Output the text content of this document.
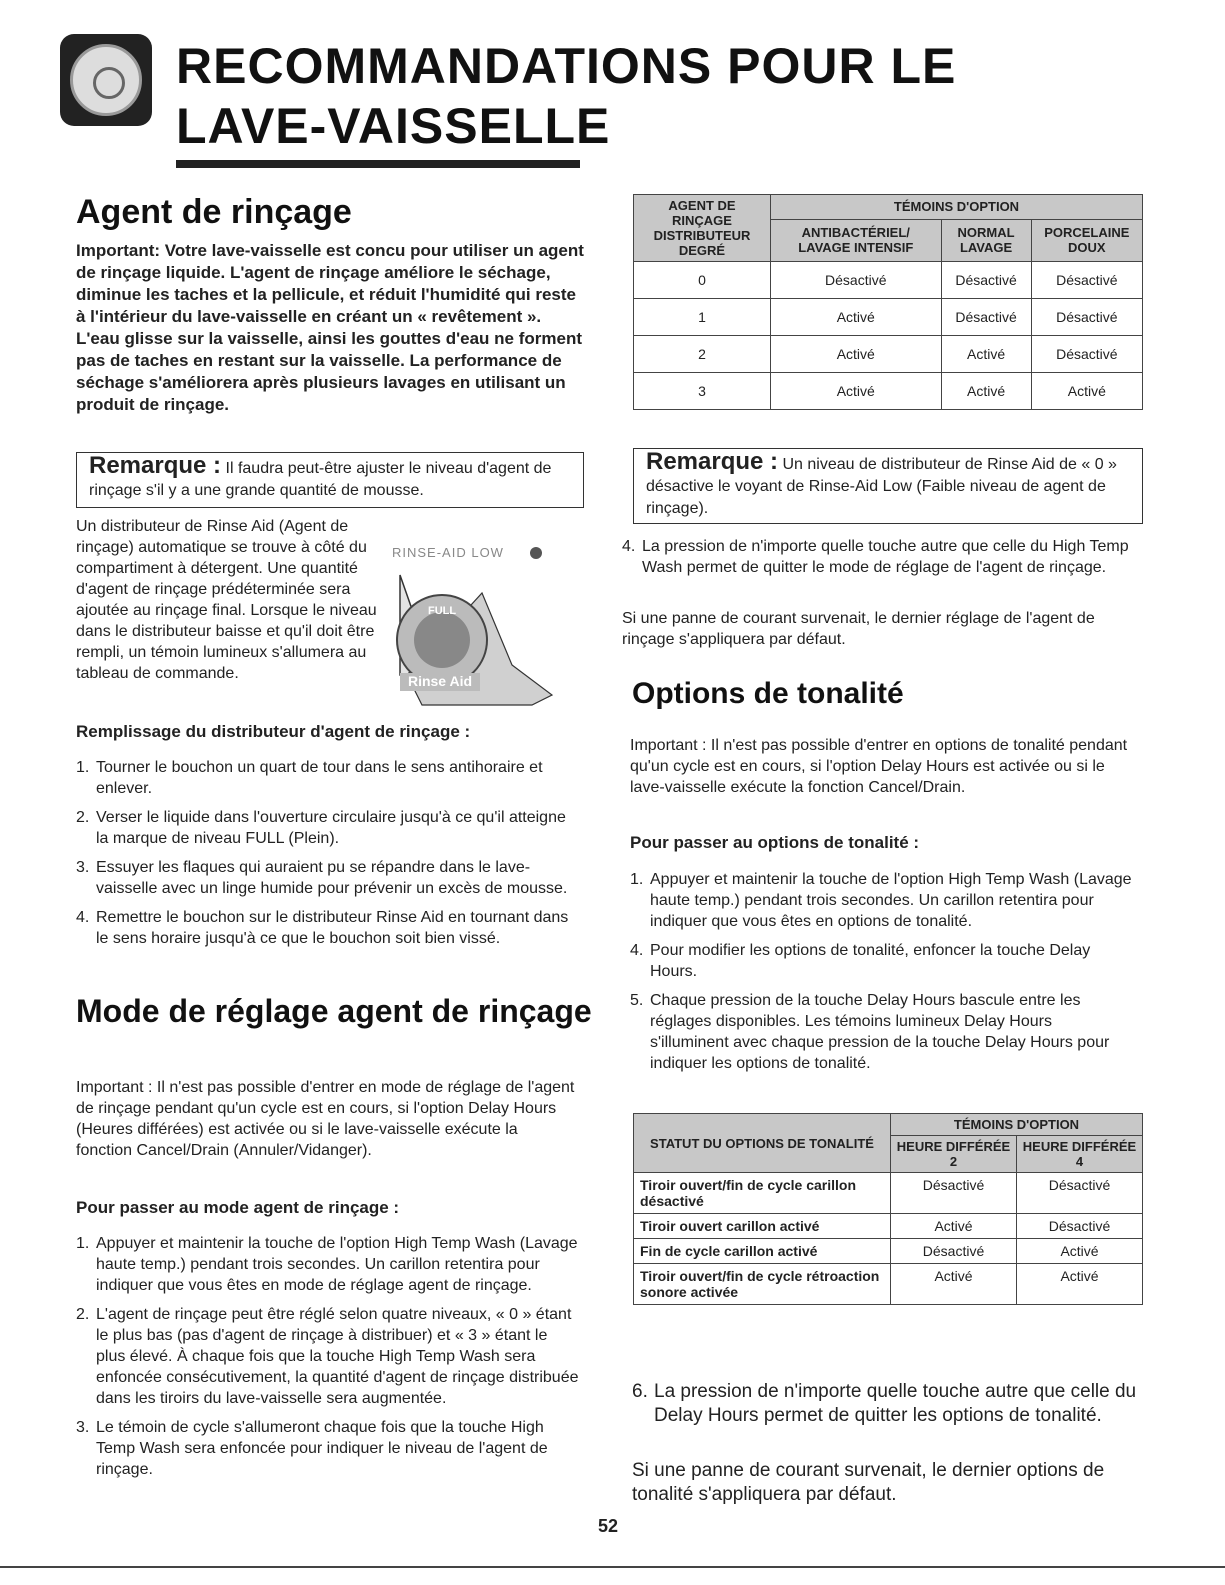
RECOMMANDATIONS POUR LE
LAVE-VAISSELLE
Agent de rinçage
Important: Votre lave-vaisselle est concu pour utiliser un agent de rinçage liquide. L'agent de rinçage améliore le séchage, diminue les taches et la pellicule, et réduit l'humidité qui reste à l'intérieur du lave-vaisselle en créant un « revêtement ». L'eau glisse sur la vaisselle, ainsi les gouttes d'eau ne forment pas de taches en restant sur la vaisselle. La performance de séchage s'améliorera après plusieurs lavages en utilisant un produit de rinçage.
Remarque : Il faudra peut-être ajuster le niveau d'agent de rinçage s'il y a une grande quantité de mousse.
Un distributeur de Rinse Aid (Agent de rinçage) automatique se trouve à côté du compartiment à détergent. Une quantité d'agent de rinçage prédéterminée sera ajoutée au rinçage final. Lorsque le niveau dans le distributeur baisse et qu'il doit être rempli, un témoin lumineux s'allumera au tableau de commande.
RINSE-AID LOW
FULL
Rinse Aid
Remplissage du distributeur d'agent de rinçage :
1. Tourner le bouchon un quart de tour dans le sens antihoraire et enlever.
2. Verser le liquide dans l'ouverture circulaire jusqu'à ce qu'il atteigne la marque de niveau FULL (Plein).
3. Essuyer les flaques qui auraient pu se répandre dans le lave-vaisselle avec un linge humide pour prévenir un excès de mousse.
4. Remettre le bouchon sur le distributeur Rinse Aid en tournant dans le sens horaire jusqu'à ce que le bouchon soit bien vissé.
Mode de réglage agent de rinçage
Important : Il n'est pas possible d'entrer en mode de réglage de l'agent de rinçage pendant qu'un cycle est en cours, si l'option Delay Hours (Heures différées) est activée ou si le lave-vaisselle exécute la fonction Cancel/Drain (Annuler/Vidanger).
Pour passer au mode agent de rinçage :
1. Appuyer et maintenir la touche de l'option High Temp Wash (Lavage haute temp.) pendant trois secondes. Un carillon retentira pour indiquer que vous êtes en mode de réglage agent de rinçage.
2. L'agent de rinçage peut être réglé selon quatre niveaux, « 0 » étant le plus bas (pas d'agent de rinçage à distribuer) et « 3 » étant le plus élevé. À chaque fois que la touche High Temp Wash sera enfoncée consécutivement, la quantité d'agent de rinçage distribuée dans les tiroirs du lave-vaisselle sera augmentée.
3. Le témoin de cycle s'allumeront chaque fois que la touche High Temp Wash sera enfoncée pour indiquer le niveau de l'agent de rinçage.
AGENT DE RINÇAGE DISTRIBUTEUR DEGRÉ	TÉMOINS D'OPTION		
	ANTIBACTÉRIEL/ LAVAGE INTENSIF	NORMAL LAVAGE	PORCELAINE DOUX
0	Désactivé	Désactivé	Désactivé
1	Activé	Désactivé	Désactivé
2	Activé	Activé	Désactivé
3	Activé	Activé	Activé
Remarque : Un niveau de distributeur de Rinse Aid de « 0 » désactive le voyant de Rinse-Aid Low (Faible niveau de agent de rinçage).
4. La pression de n'importe quelle touche autre que celle du High Temp Wash permet de quitter le mode de réglage de l'agent de rinçage.
Si une panne de courant survenait, le dernier réglage de l'agent de rinçage s'appliquera par défaut.
Options de tonalité
Important : Il n'est pas possible d'entrer en options de tonalité pendant qu'un cycle est en cours, si l'option Delay Hours est activée ou si le lave-vaisselle exécute la fonction Cancel/Drain.
Pour passer au options de tonalité :
1. Appuyer et maintenir la touche de l'option High Temp Wash (Lavage haute temp.) pendant trois secondes. Un carillon retentira pour indiquer que vous êtes en options de tonalité.
4. Pour modifier les options de tonalité, enfoncer la touche Delay Hours.
5. Chaque pression de la touche Delay Hours bascule entre les réglages disponibles. Les témoins lumineux Delay Hours s'illuminent avec chaque pression de la touche Delay Hours pour indiquer les options de tonalité.
STATUT DU OPTIONS DE TONALITÉ	TÉMOINS D'OPTION	
	HEURE DIFFÉRÉE 2	HEURE DIFFÉRÉE 4
Tiroir ouvert/fin de cycle carillon désactivé	Désactivé	Désactivé
Tiroir ouvert carillon activé	Activé	Désactivé
Fin de cycle carillon activé	Désactivé	Activé
Tiroir ouvert/fin de cycle rétroaction sonore activée	Activé	Activé
6. La pression de n'importe quelle touche autre que celle du Delay Hours permet de quitter les options de tonalité.
Si une panne de courant survenait, le dernier options de tonalité s'appliquera par défaut.
52
